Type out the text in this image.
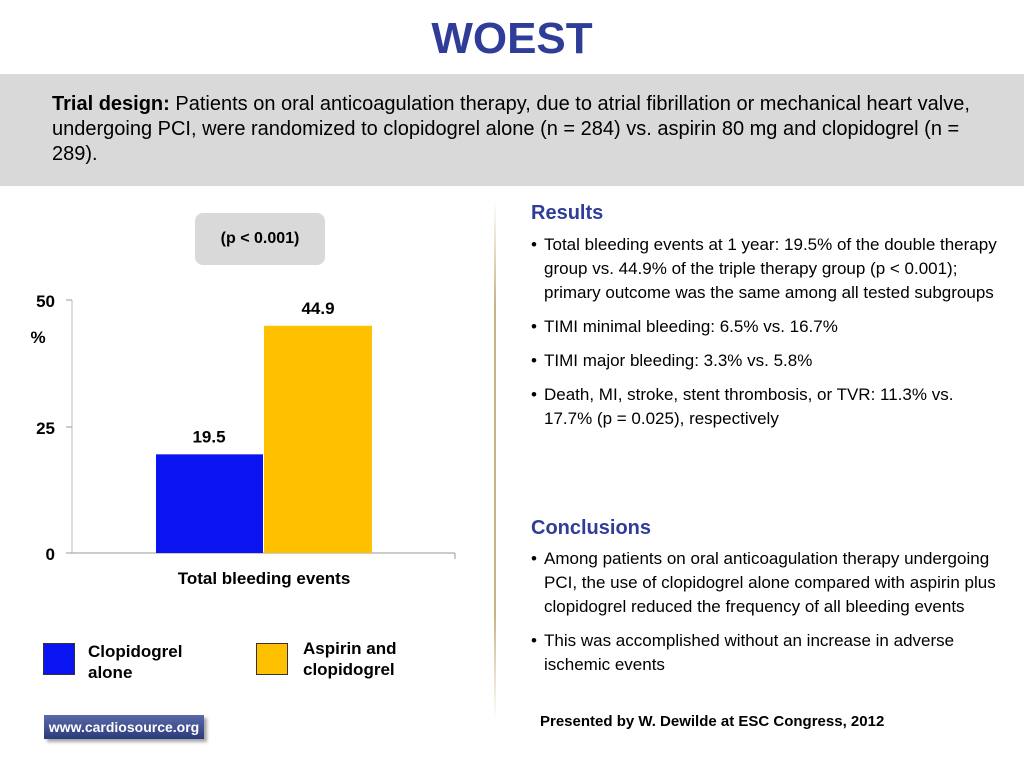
WOEST
Trial design: Patients on oral anticoagulation therapy, due to atrial fibrillation or mechanical heart valve, undergoing PCI, were randomized to clopidogrel alone (n = 284) vs. aspirin 80 mg and clopidogrel (n = 289).
(p < 0.001)
50
25
0
%
19.5
44.9
Total bleeding events
Clopidogrel
alone
Aspirin and
clopidogrel
Results
• Total bleeding events at 1 year: 19.5% of the double therapy group vs. 44.9% of the triple therapy group (p < 0.001); primary outcome was the same among all tested subgroups
• TIMI minimal bleeding: 6.5% vs. 16.7%
• TIMI major bleeding: 3.3% vs. 5.8%
• Death, MI, stroke, stent thrombosis, or TVR: 11.3% vs. 17.7% (p = 0.025), respectively
Conclusions
• Among patients on oral anticoagulation therapy undergoing PCI, the use of clopidogrel alone compared with aspirin plus clopidogrel reduced the frequency of all bleeding events
• This was accomplished without an increase in adverse ischemic events
www.cardiosource.org	Presented by W. Dewilde at ESC Congress, 2012
